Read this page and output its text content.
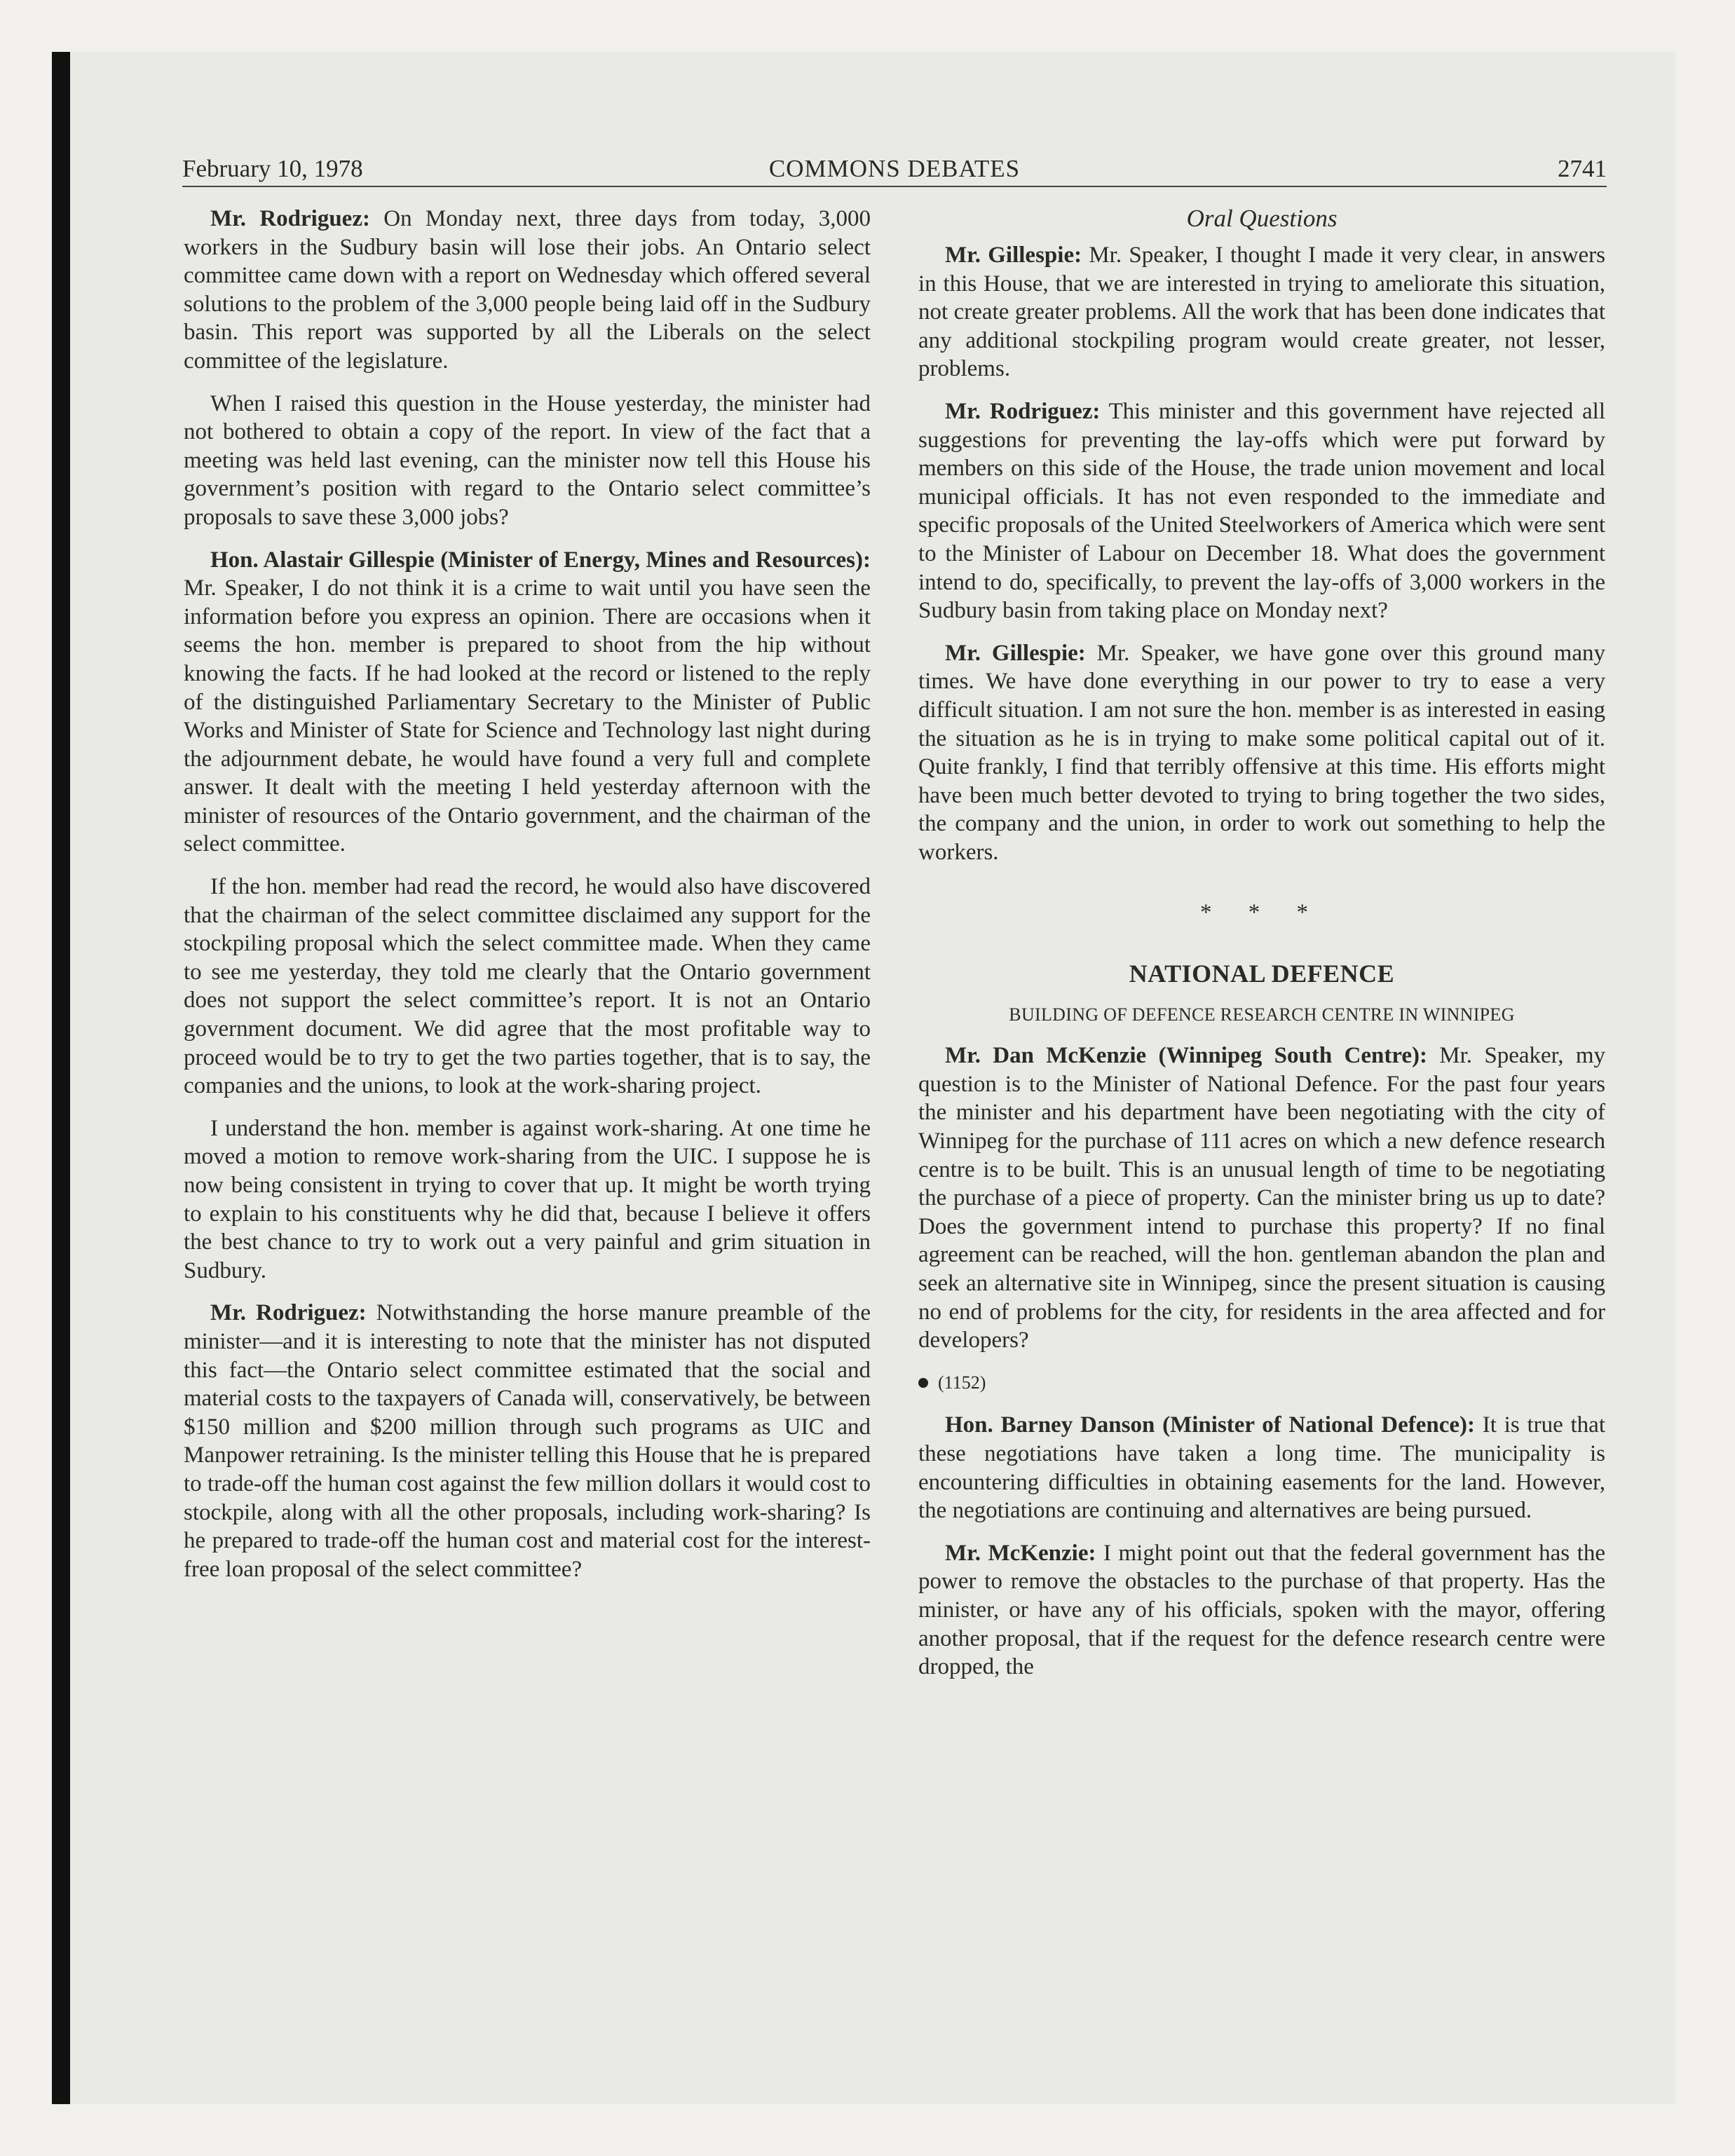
COMMONS DEBATES
February 10, 1978	2741

Mr. Rodriguez: On Monday next, three days from today, 3,000 workers in the Sudbury basin will lose their jobs. An Ontario select committee came down with a report on Wednesday which offered several solutions to the problem of the 3,000 people being laid off in the Sudbury basin. This report was supported by all the Liberals on the select committee of the legislature.

When I raised this question in the House yesterday, the minister had not bothered to obtain a copy of the report. In view of the fact that a meeting was held last evening, can the minister now tell this House his government’s position with regard to the Ontario select committee’s proposals to save these 3,000 jobs?

Hon. Alastair Gillespie (Minister of Energy, Mines and Resources): Mr. Speaker, I do not think it is a crime to wait until you have seen the information before you express an opinion. There are occasions when it seems the hon. member is prepared to shoot from the hip without knowing the facts. If he had looked at the record or listened to the reply of the distinguished Parliamentary Secretary to the Minister of Public Works and Minister of State for Science and Technology last night during the adjournment debate, he would have found a very full and complete answer. It dealt with the meeting I held yesterday afternoon with the minister of resources of the Ontario government, and the chairman of the select committee.

If the hon. member had read the record, he would also have discovered that the chairman of the select committee disclaimed any support for the stockpiling proposal which the select committee made. When they came to see me yesterday, they told me clearly that the Ontario government does not support the select committee’s report. It is not an Ontario government document. We did agree that the most profitable way to proceed would be to try to get the two parties together, that is to say, the companies and the unions, to look at the work-sharing project.

I understand the hon. member is against work-sharing. At one time he moved a motion to remove work-sharing from the UIC. I suppose he is now being consistent in trying to cover that up. It might be worth trying to explain to his constituents why he did that, because I believe it offers the best chance to try to work out a very painful and grim situation in Sudbury.

Mr. Rodriguez: Notwithstanding the horse manure preamble of the minister—and it is interesting to note that the minister has not disputed this fact—the Ontario select committee estimated that the social and material costs to the taxpayers of Canada will, conservatively, be between $150 million and $200 million through such programs as UIC and Manpower retraining. Is the minister telling this House that he is prepared to trade-off the human cost against the few million dollars it would cost to stockpile, along with all the other proposals, including work-sharing? Is he prepared to trade-off the human cost and material cost for the interest-free loan proposal of the select committee?

Oral Questions

Mr. Gillespie: Mr. Speaker, I thought I made it very clear, in answers in this House, that we are interested in trying to ameliorate this situation, not create greater problems. All the work that has been done indicates that any additional stockpiling program would create greater, not lesser, problems.

Mr. Rodriguez: This minister and this government have rejected all suggestions for preventing the lay-offs which were put forward by members on this side of the House, the trade union movement and local municipal officials. It has not even responded to the immediate and specific proposals of the United Steelworkers of America which were sent to the Minister of Labour on December 18. What does the government intend to do, specifically, to prevent the lay-offs of 3,000 workers in the Sudbury basin from taking place on Monday next?

Mr. Gillespie: Mr. Speaker, we have gone over this ground many times. We have done everything in our power to try to ease a very difficult situation. I am not sure the hon. member is as interested in easing the situation as he is in trying to make some political capital out of it. Quite frankly, I find that terribly offensive at this time. His efforts might have been much better devoted to trying to bring together the two sides, the company and the union, in order to work out something to help the workers.

* * *
NATIONAL DEFENCE
BUILDING OF DEFENCE RESEARCH CENTRE IN WINNIPEG

Mr. Dan McKenzie (Winnipeg South Centre): Mr. Speaker, my question is to the Minister of National Defence. For the past four years the minister and his department have been negotiating with the city of Winnipeg for the purchase of 111 acres on which a new defence research centre is to be built. This is an unusual length of time to be negotiating the purchase of a piece of property. Can the minister bring us up to date? Does the government intend to purchase this property? If no final agreement can be reached, will the hon. gentleman abandon the plan and seek an alternative site in Winnipeg, since the present situation is causing no end of problems for the city, for residents in the area affected and for developers?

(1152)

Hon. Barney Danson (Minister of National Defence): It is true that these negotiations have taken a long time. The municipality is encountering difficulties in obtaining easements for the land. However, the negotiations are continuing and alternatives are being pursued.

Mr. McKenzie: I might point out that the federal government has the power to remove the obstacles to the purchase of that property. Has the minister, or have any of his officials, spoken with the mayor, offering another proposal, that if the request for the defence research centre were dropped, the
